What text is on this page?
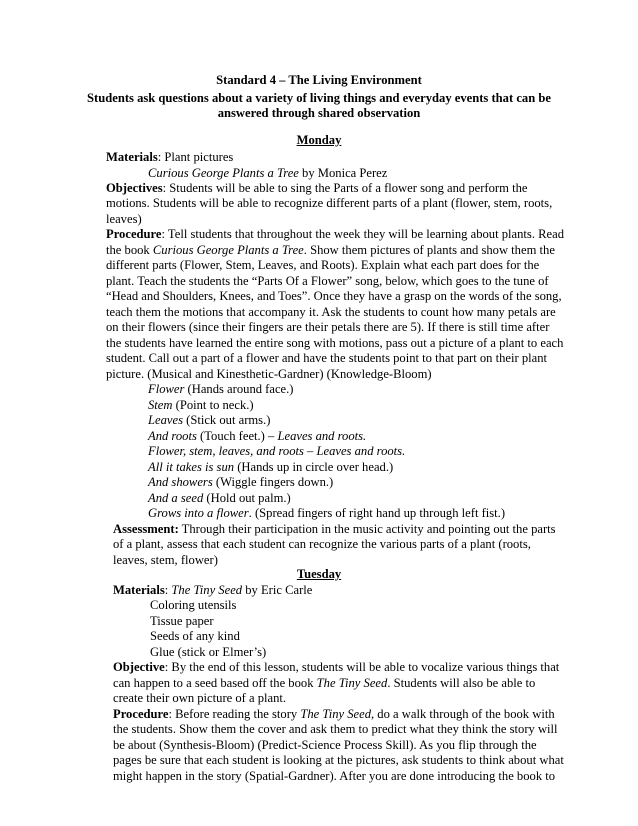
Standard 4 – The Living Environment
Students ask questions about a variety of living things and everyday events that can be
answered through shared observation
Monday
Materials: Plant pictures
Curious George Plants a Tree by Monica Perez
Objectives: Students will be able to sing the Parts of a flower song and perform the
motions. Students will be able to recognize different parts of a plant (flower, stem, roots,
leaves)
Procedure: Tell students that throughout the week they will be learning about plants. Read
the book Curious George Plants a Tree. Show them pictures of plants and show them the
different parts (Flower, Stem, Leaves, and Roots). Explain what each part does for the
plant. Teach the students the “Parts Of a Flower” song, below, which goes to the tune of
“Head and Shoulders, Knees, and Toes”. Once they have a grasp on the words of the song,
teach them the motions that accompany it. Ask the students to count how many petals are
on their flowers (since their fingers are their petals there are 5). If there is still time after
the students have learned the entire song with motions, pass out a picture of a plant to each
student. Call out a part of a flower and have the students point to that part on their plant
picture. (Musical and Kinesthetic-Gardner) (Knowledge-Bloom)
Flower (Hands around face.)
Stem (Point to neck.)
Leaves (Stick out arms.)
And roots (Touch feet.) – Leaves and roots.
Flower, stem, leaves, and roots – Leaves and roots.
All it takes is sun (Hands up in circle over head.)
And showers (Wiggle fingers down.)
And a seed (Hold out palm.)
Grows into a flower. (Spread fingers of right hand up through left fist.)
Assessment: Through their participation in the music activity and pointing out the parts
of a plant, assess that each student can recognize the various parts of a plant (roots,
leaves, stem, flower)
Tuesday
Materials: The Tiny Seed by Eric Carle
Coloring utensils
Tissue paper
Seeds of any kind
Glue (stick or Elmer’s)
Objective: By the end of this lesson, students will be able to vocalize various things that
can happen to a seed based off the book The Tiny Seed. Students will also be able to
create their own picture of a plant.
Procedure: Before reading the story The Tiny Seed, do a walk through of the book with
the students. Show them the cover and ask them to predict what they think the story will
be about (Synthesis-Bloom) (Predict-Science Process Skill). As you flip through the
pages be sure that each student is looking at the pictures, ask students to think about what
might happen in the story (Spatial-Gardner). After you are done introducing the book to
